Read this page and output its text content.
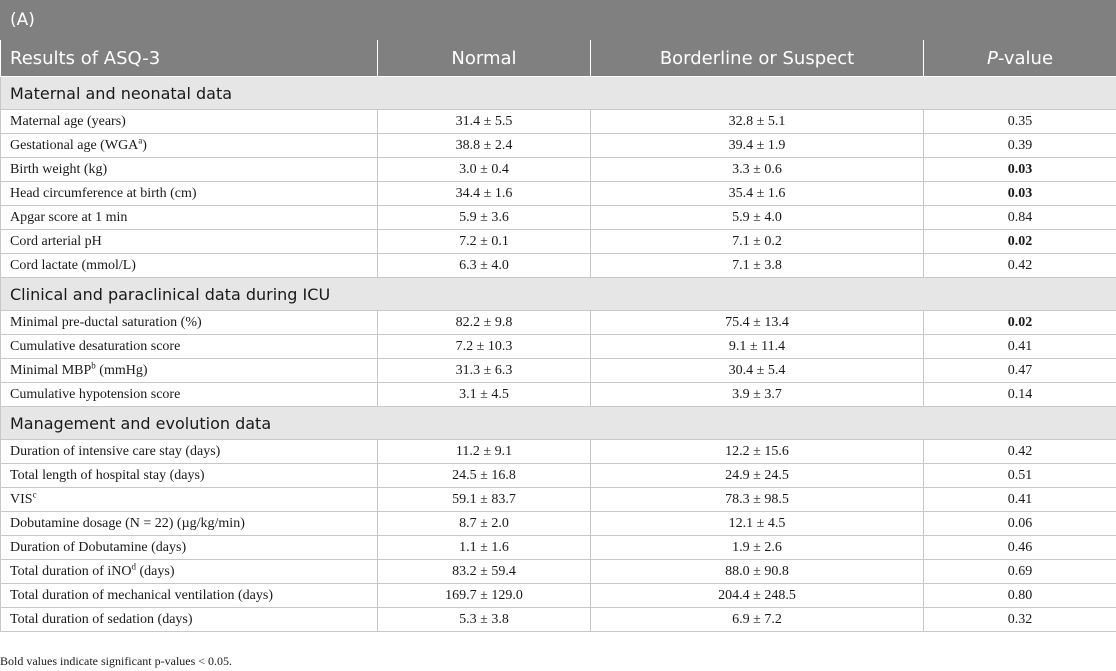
(A)			
Results of ASQ-3	Normal	Borderline or Suspect	P-value
Maternal and neonatal data			
Maternal age (years)	31.4 ± 5.5	32.8 ± 5.1	0.35
Gestational age (WGA$^a$)	38.8 ± 2.4	39.4 ± 1.9	0.39
Birth weight (kg)	3.0 ± 0.4	3.3 ± 0.6	0.03
Head circumference at birth (cm)	34.4 ± 1.6	35.4 ± 1.6	0.03
Apgar score at 1 min	5.9 ± 3.6	5.9 ± 4.0	0.84
Cord arterial pH	7.2 ± 0.1	7.1 ± 0.2	0.02
Cord lactate (mmol/L)	6.3 ± 4.0	7.1 ± 3.8	0.42
Clinical and paraclinical data during ICU			
Minimal pre-ductal saturation (%)	82.2 ± 9.8	75.4 ± 13.4	0.02
Cumulative desaturation score	7.2 ± 10.3	9.1 ± 11.4	0.41
Minimal MBP$^b$ (mmHg)	31.3 ± 6.3	30.4 ± 5.4	0.47
Cumulative hypotension score	3.1 ± 4.5	3.9 ± 3.7	0.14
Management and evolution data			
Duration of intensive care stay (days)	11.2 ± 9.1	12.2 ± 15.6	0.42
Total length of hospital stay (days)	24.5 ± 16.8	24.9 ± 24.5	0.51
VIS$^c$	59.1 ± 83.7	78.3 ± 98.5	0.41
Dobutamine dosage (N = 22) (µg/kg/min)	8.7 ± 2.0	12.1 ± 4.5	0.06
Duration of Dobutamine (days)	1.1 ± 1.6	1.9 ± 2.6	0.46
Total duration of iNO$^d$ (days)	83.2 ± 59.4	88.0 ± 90.8	0.69
Total duration of mechanical ventilation (days)	169.7 ± 129.0	204.4 ± 248.5	0.80
Total duration of sedation (days)	5.3 ± 3.8	6.9 ± 7.2	0.32
Bold values indicate significant p-values < 0.05.
